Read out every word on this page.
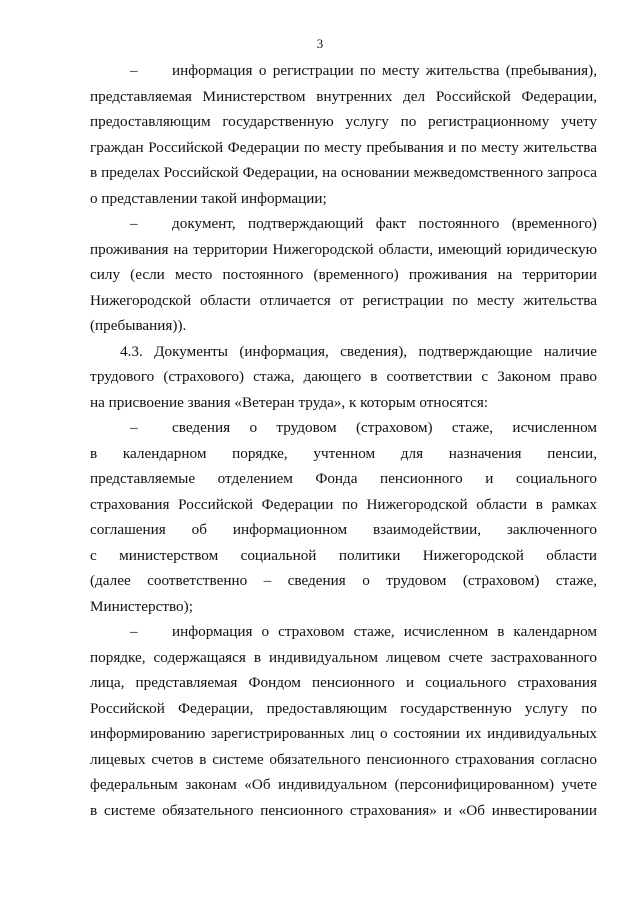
3
– информация о регистрации по месту жительства (пребывания),
представляемая Министерством внутренних дел Российской Федерации,
предоставляющим государственную услугу по регистрационному учету
граждан Российской Федерации по месту пребывания и по месту жительства
в пределах Российской Федерации, на основании межведомственного запроса
о представлении такой информации;
– документ, подтверждающий факт постоянного (временного)
проживания на территории Нижегородской области, имеющий юридическую
силу (если место постоянного (временного) проживания на территории
Нижегородской области отличается от регистрации по месту жительства
(пребывания)).
4.3. Документы (информация, сведения), подтверждающие наличие
трудового (страхового) стажа, дающего в соответствии с Законом право
на присвоение звания «Ветеран труда», к которым относятся:
– сведения о трудовом (страховом) стаже, исчисленном
в календарном порядке, учтенном для назначения пенсии,
представляемые отделением Фонда пенсионного и социального
страхования Российской Федерации по Нижегородской области в рамках
соглашения об информационном взаимодействии, заключенного
с министерством социальной политики Нижегородской области
(далее соответственно – сведения о трудовом (страховом) стаже,
Министерство);
– информация о страховом стаже, исчисленном в календарном
порядке, содержащаяся в индивидуальном лицевом счете застрахованного
лица, представляемая Фондом пенсионного и социального страхования
Российской Федерации, предоставляющим государственную услугу по
информированию зарегистрированных лиц о состоянии их индивидуальных
лицевых счетов в системе обязательного пенсионного страхования согласно
федеральным законам «Об индивидуальном (персонифицированном) учете
в системе обязательного пенсионного страхования» и «Об инвестировании
